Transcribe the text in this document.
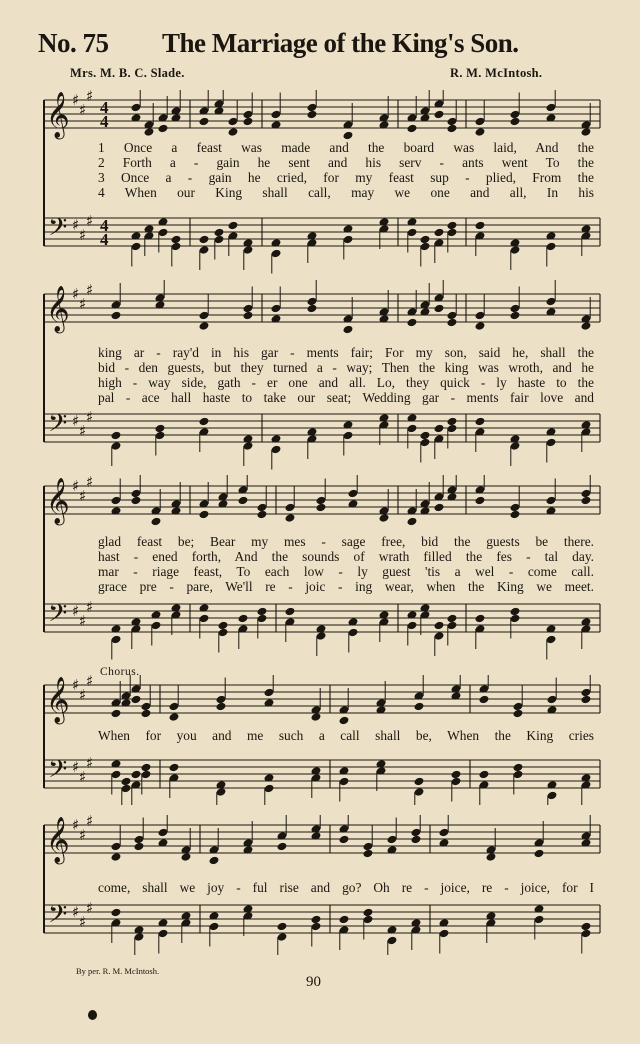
No. 75 The Marriage of the King's Son.
Mrs. M. B. C. Slade.	R. M. McIntosh.
𝄞
𝄢
♯
♯
♯
♯
♯
♯
4
4
4
4
1 Once a feast was made and the board was laid, And the
2 Forth a - gain he sent and his serv - ants went To the
3 Once a - gain he cried, for my feast sup - plied, From the
4 When our King shall call, may we one and all, In his
𝄞
𝄢
♯
♯
♯
♯
♯
♯
king ar - ray'd in his gar - ments fair; For my son, said he, shall the
bid - den guests, but they turned a - way; Then the king was wroth, and he
high - way side, gath - er one and all. Lo, they quick - ly haste to the
pal - ace hall haste to take our seat; Wedding gar - ments fair love and
𝄞
𝄢
♯
♯
♯
♯
♯
♯
glad feast be; Bear my mes - sage free, bid the guests be there.
hast - ened forth, And the sounds of wrath filled the fes - tal day.
mar - riage feast, To each low - ly guest 'tis a wel - come call.
grace pre - pare, We'll re - joic - ing wear, when the King we meet.
Chorus.
𝄞
𝄢
♯
♯
♯
♯
♯
♯
When for you and me such a call shall be, When the King cries
𝄞
𝄢
♯
♯
♯
♯
♯
♯
come, shall we joy - ful rise and go? Oh re - joice, re - joice, for I
By per. R. M. McIntosh.
90
